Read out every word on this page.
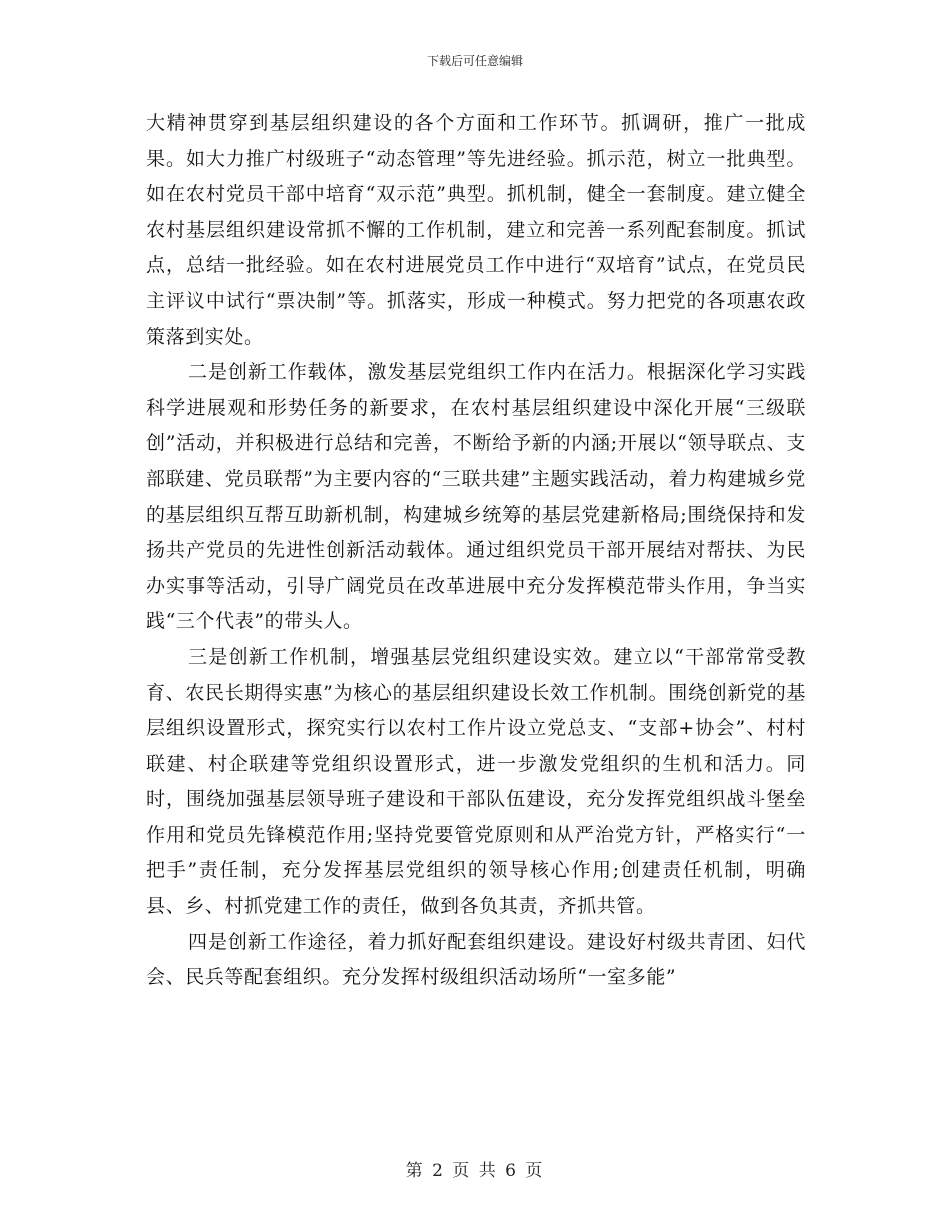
下载后可任意编辑

大精神贯穿到基层组织建设的各个方面和工作环节。抓调研，推广一批成果。如大力推广村级班子“动态管理”等先进经验。抓示范，树立一批典型。如在农村党员干部中培育“双示范”典型。抓机制，健全一套制度。建立健全农村基层组织建设常抓不懈的工作机制，建立和完善一系列配套制度。抓试点，总结一批经验。如在农村进展党员工作中进行“双培育”试点，在党员民主评议中试行“票决制”等。抓落实，形成一种模式。努力把党的各项惠农政策落到实处。

二是创新工作载体，激发基层党组织工作内在活力。根据深化学习实践科学进展观和形势任务的新要求，在农村基层组织建设中深化开展“三级联创”活动，并积极进行总结和完善，不断给予新的内涵;开展以“领导联点、支部联建、党员联帮”为主要内容的“三联共建”主题实践活动，着力构建城乡党的基层组织互帮互助新机制，构建城乡统筹的基层党建新格局;围绕保持和发扬共产党员的先进性创新活动载体。通过组织党员干部开展结对帮扶、为民办实事等活动，引导广阔党员在改革进展中充分发挥模范带头作用，争当实践“三个代表”的带头人。

三是创新工作机制，增强基层党组织建设实效。建立以“干部常常受教育、农民长期得实惠”为核心的基层组织建设长效工作机制。围绕创新党的基层组织设置形式，探究实行以农村工作片设立党总支、“支部+协会”、村村联建、村企联建等党组织设置形式，进一步激发党组织的生机和活力。同时，围绕加强基层领导班子建设和干部队伍建设，充分发挥党组织战斗堡垒作用和党员先锋模范作用;坚持党要管党原则和从严治党方针，严格实行“一把手”责任制，充分发挥基层党组织的领导核心作用;创建责任机制，明确县、乡、村抓党建工作的责任，做到各负其责，齐抓共管。

四是创新工作途径，着力抓好配套组织建设。建设好村级共青团、妇代会、民兵等配套组织。充分发挥村级组织活动场所“一室多能”

第 2 页 共 6 页
